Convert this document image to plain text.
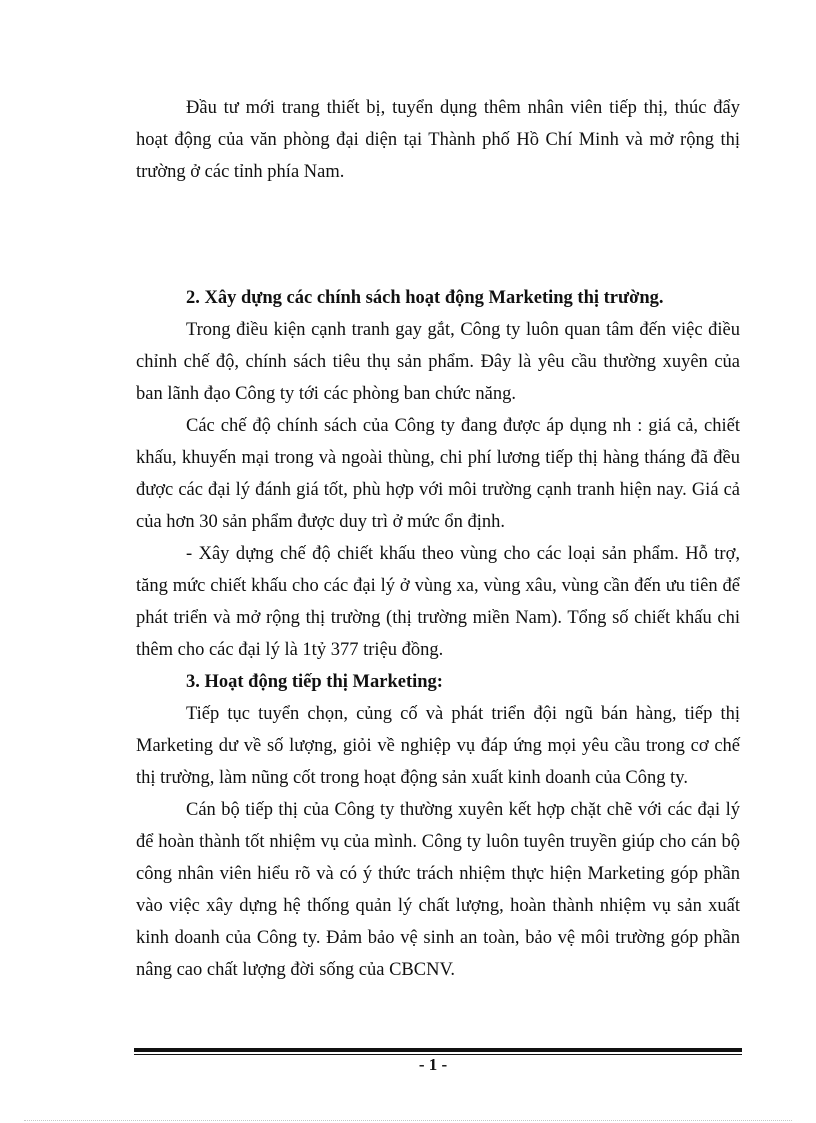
Đầu tư mới trang thiết bị, tuyển dụng thêm nhân viên tiếp thị, thúc đẩy hoạt động của văn phòng đại diện tại Thành phố Hồ Chí Minh và mở rộng thị trường ở các tỉnh phía Nam.

2. Xây dựng các chính sách hoạt động Marketing thị trường.

Trong điều kiện cạnh tranh gay gắt, Công ty luôn quan tâm đến việc điều chỉnh chế độ, chính sách tiêu thụ sản phẩm. Đây là yêu cầu thường xuyên của ban lãnh đạo Công ty tới các phòng ban chức năng.

Các chế độ chính sách của Công ty đang được áp dụng nh : giá cả, chiết khấu, khuyến mại trong và ngoài thùng, chi phí lương tiếp thị hàng tháng đã đều được các đại lý đánh giá tốt, phù hợp với môi trường cạnh tranh hiện nay. Giá cả của hơn 30 sản phẩm được duy trì ở mức ổn định.

- Xây dựng chế độ chiết khấu theo vùng cho các loại sản phẩm. Hỗ trợ, tăng mức chiết khấu cho các đại lý ở vùng xa, vùng xâu, vùng cần đến ưu tiên để phát triển và mở rộng thị trường (thị trường miền Nam). Tổng số chiết khấu chi thêm cho các đại lý là 1tỷ 377 triệu đồng.

3. Hoạt động tiếp thị Marketing:

Tiếp tục tuyển chọn, củng cố và phát triển đội ngũ bán hàng, tiếp thị Marketing dư về số lượng, giỏi về nghiệp vụ đáp ứng mọi yêu cầu trong cơ chế thị trường, làm nũng cốt trong hoạt động sản xuất kinh doanh của Công ty.

Cán bộ tiếp thị của Công ty thường xuyên kết hợp chặt chẽ với các đại lý để hoàn thành tốt nhiệm vụ của mình. Công ty luôn tuyên truyền giúp cho cán bộ công nhân viên hiểu rõ và có ý thức trách nhiệm thực hiện Marketing góp phần vào việc xây dựng hệ thống quản lý chất lượng, hoàn thành nhiệm vụ sản xuất kinh doanh của Công ty. Đảm bảo vệ sinh an toàn, bảo vệ môi trường góp phần nâng cao chất lượng đời sống của CBCNV.

- 1 -
